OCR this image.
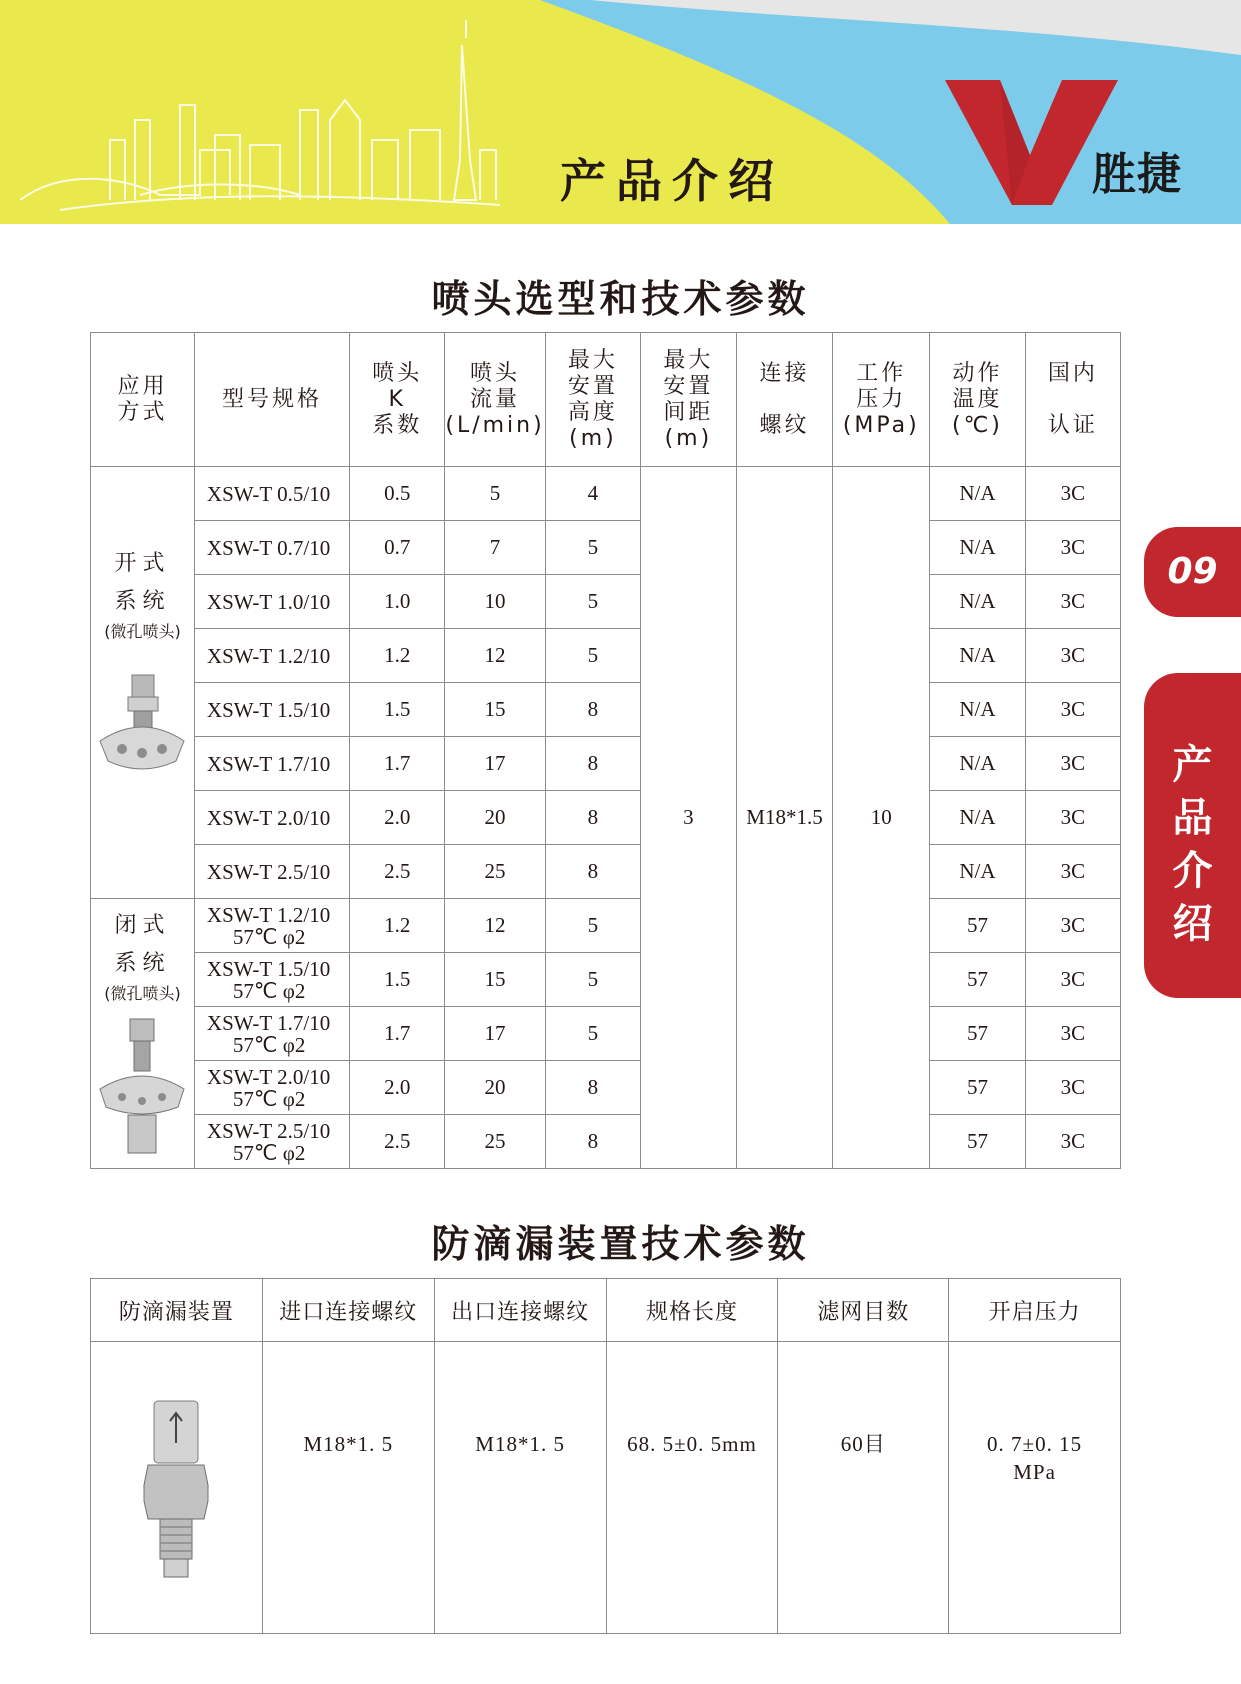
产品介绍	胜捷
喷头选型和技术参数
应用
方式	型号规格	喷头
K
系数	喷头
流量
(L/min)	最大
安置
高度
(m)	最大
安置
间距
(m)	连接

螺纹	工作
压力
(MPa)	动作
温度
(℃)	国内

认证
开式
系统
(微孔喷头)	XSW-T 0.5/10	0.5	5	4	3	M18*1.5	10	N/A	3C
	XSW-T 0.7/10	0.7	7	5				N/A	3C
	XSW-T 1.0/10	1.0	10	5				N/A	3C
	XSW-T 1.2/10	1.2	12	5				N/A	3C
	XSW-T 1.5/10	1.5	15	8				N/A	3C
	XSW-T 1.7/10	1.7	17	8				N/A	3C
	XSW-T 2.0/10	2.0	20	8				N/A	3C
	XSW-T 2.5/10	2.5	25	8				N/A	3C
闭式
系统
(微孔喷头)	XSW-T 1.2/10
57℃ φ2	1.2	12	5				57	3C
	XSW-T 1.5/10
57℃ φ2	1.5	15	5				57	3C
	XSW-T 1.7/10
57℃ φ2	1.7	17	5				57	3C
	XSW-T 2.0/10
57℃ φ2	2.0	20	8				57	3C
	XSW-T 2.5/10
57℃ φ2	2.5	25	8				57	3C
防滴漏装置技术参数
防滴漏装置	进口连接螺纹	出口连接螺纹	规格长度	滤网目数	开启压力

	M18*1. 5	M18*1. 5	68. 5±0. 5mm	60目	0. 7±0. 15
MPa
09
产
品
介
绍
